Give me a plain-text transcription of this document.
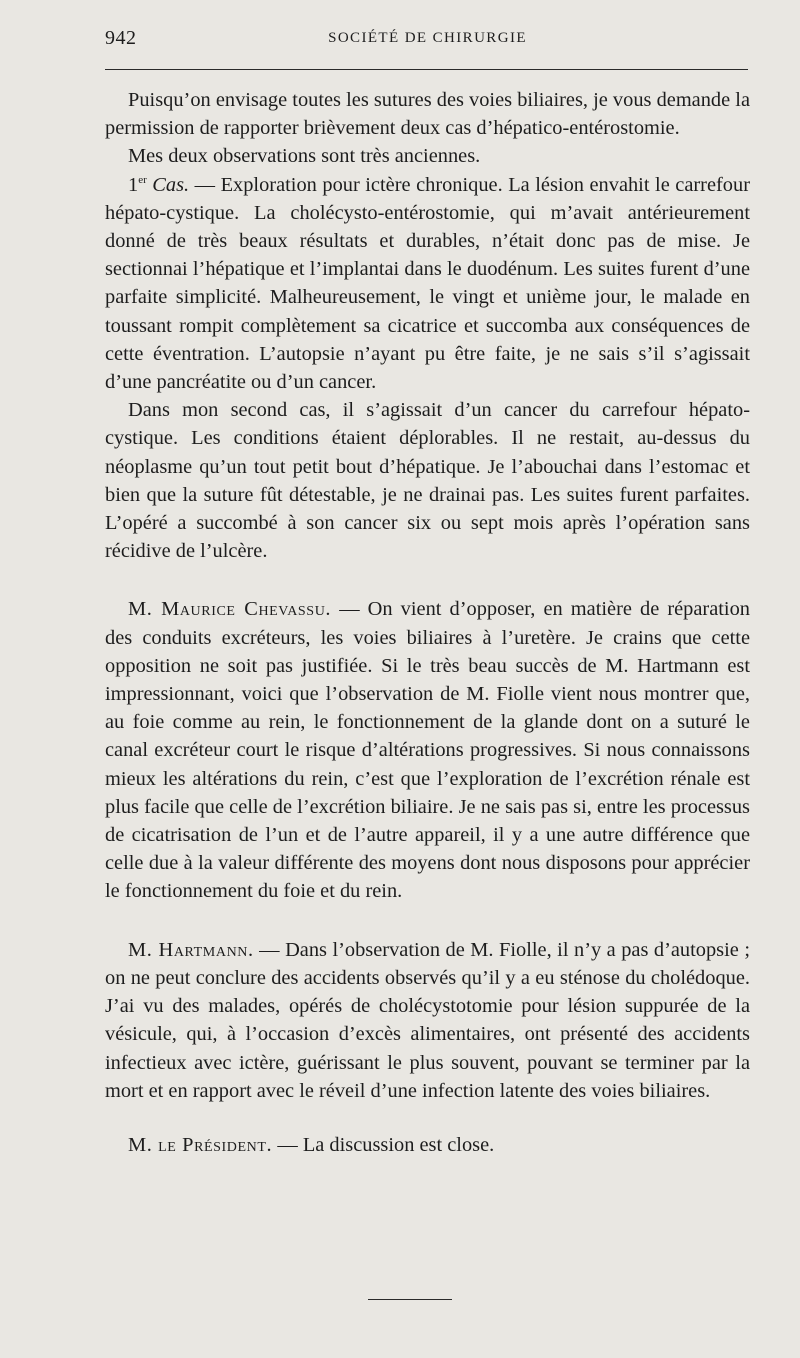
942	SOCIÉTÉ DE CHIRURGIE

Puisqu’on envisage toutes les sutures des voies biliaires, je vous demande la permission de rapporter brièvement deux cas d’hépatico-entérostomie.

Mes deux observations sont très anciennes.

1er Cas. — Exploration pour ictère chronique. La lésion envahit le carrefour hépato-cystique. La cholécysto-entérostomie, qui m’avait antérieurement donné de très beaux résultats et durables, n’était donc pas de mise. Je sectionnai l’hépatique et l’implantai dans le duodénum. Les suites furent d’une parfaite simplicité. Malheureusement, le vingt et unième jour, le malade en toussant rompit complètement sa cicatrice et succomba aux conséquences de cette éventration. L’autopsie n’ayant pu être faite, je ne sais s’il s’agissait d’une pancréatite ou d’un cancer.

Dans mon second cas, il s’agissait d’un cancer du carrefour hépato-cystique. Les conditions étaient déplorables. Il ne restait, au-dessus du néoplasme qu’un tout petit bout d’hépatique. Je l’abouchai dans l’estomac et bien que la suture fût détestable, je ne drainai pas. Les suites furent parfaites. L’opéré a succombé à son cancer six ou sept mois après l’opération sans récidive de l’ulcère.

M. Maurice Chevassu. — On vient d’opposer, en matière de réparation des conduits excréteurs, les voies biliaires à l’uretère. Je crains que cette opposition ne soit pas justifiée. Si le très beau succès de M. Hartmann est impressionnant, voici que l’observation de M. Fiolle vient nous montrer que, au foie comme au rein, le fonctionnement de la glande dont on a suturé le canal excréteur court le risque d’altérations progressives. Si nous connaissons mieux les altérations du rein, c’est que l’exploration de l’excrétion rénale est plus facile que celle de l’excrétion biliaire. Je ne sais pas si, entre les processus de cicatrisation de l’un et de l’autre appareil, il y a une autre différence que celle due à la valeur différente des moyens dont nous disposons pour apprécier le fonctionnement du foie et du rein.

M. Hartmann. — Dans l’observation de M. Fiolle, il n’y a pas d’autopsie ; on ne peut conclure des accidents observés qu’il y a eu sténose du cholédoque. J’ai vu des malades, opérés de cholécystotomie pour lésion suppurée de la vésicule, qui, à l’occasion d’excès alimentaires, ont présenté des accidents infectieux avec ictère, guérissant le plus souvent, pouvant se terminer par la mort et en rapport avec le réveil d’une infection latente des voies biliaires.

M. le Président. — La discussion est close.
